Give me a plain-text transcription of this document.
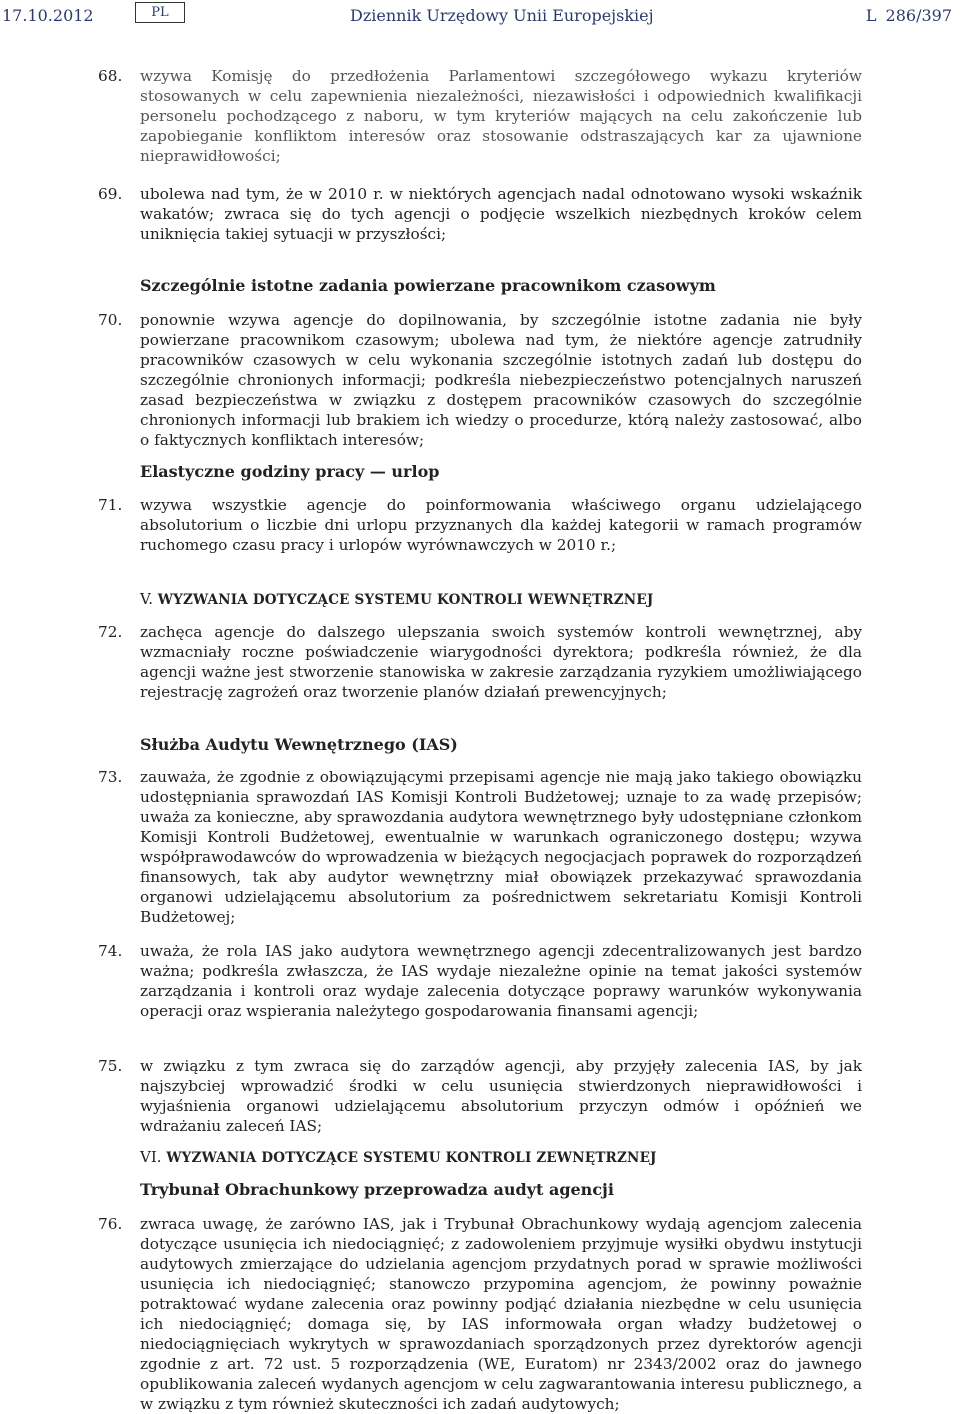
17.10.2012	PL	Dziennik Urzędowy Unii Europejskiej	L 286/397
68.	wzywa Komisję do przedłożenia Parlamentowi szczegółowego wykazu kryteriów stosowanych w celu zapewnienia niezależności, niezawisłości i odpowiednich kwalifikacji personelu pochodzącego z naboru, w tym kryteriów mających na celu zakończenie lub zapobieganie konfliktom interesów oraz stosowanie odstraszających kar za ujawnione nieprawidłowości;
69.	ubolewa nad tym, że w 2010 r. w niektórych agencjach nadal odnotowano wysoki wskaźnik wakatów; zwraca się do tych agencji o podjęcie wszelkich niezbędnych kroków celem uniknięcia takiej sytuacji w przyszłości;
Szczególnie istotne zadania powierzane pracownikom czasowym
70.	ponownie wzywa agencje do dopilnowania, by szczególnie istotne zadania nie były powierzane pracownikom czasowym; ubolewa nad tym, że niektóre agencje zatrudniły pracowników czasowych w celu wykonania szczególnie istotnych zadań lub dostępu do szczególnie chronionych informacji; podkreśla niebezpieczeństwo potencjalnych naruszeń zasad bezpieczeństwa w związku z dostępem pracowników czasowych do szczególnie chronionych informacji lub brakiem ich wiedzy o procedurze, którą należy zastosować, albo o faktycznych konfliktach interesów;
Elastyczne godziny pracy — urlop
71.	wzywa wszystkie agencje do poinformowania właściwego organu udzielającego absolutorium o liczbie dni urlopu przyznanych dla każdej kategorii w ramach programów ruchomego czasu pracy i urlopów wyrównawczych w 2010 r.;
V. WYZWANIA DOTYCZĄCE SYSTEMU KONTROLI WEWNĘTRZNEJ
72.	zachęca agencje do dalszego ulepszania swoich systemów kontroli wewnętrznej, aby wzmacniały roczne poświadczenie wiarygodności dyrektora; podkreśla również, że dla agencji ważne jest stworzenie stanowiska w zakresie zarządzania ryzykiem umożliwiającego rejestrację zagrożeń oraz tworzenie planów działań prewencyjnych;
Służba Audytu Wewnętrznego (IAS)
73.	zauważa, że zgodnie z obowiązującymi przepisami agencje nie mają jako takiego obowiązku udostępniania sprawozdań IAS Komisji Kontroli Budżetowej; uznaje to za wadę przepisów; uważa za konieczne, aby sprawozdania audytora wewnętrznego były udostępniane członkom Komisji Kontroli Budżetowej, ewentualnie w warunkach ograniczonego dostępu; wzywa współprawodawców do wprowadzenia w bieżących negocjacjach poprawek do rozporządzeń finansowych, tak aby audytor wewnętrzny miał obowiązek przekazywać sprawozdania organowi udzielającemu absolutorium za pośrednictwem sekretariatu Komisji Kontroli Budżetowej;
74.	uważa, że rola IAS jako audytora wewnętrznego agencji zdecentralizowanych jest bardzo ważna; podkreśla zwłaszcza, że IAS wydaje niezależne opinie na temat jakości systemów zarządzania i kontroli oraz wydaje zalecenia dotyczące poprawy warunków wykonywania operacji oraz wspierania należytego gospodarowania finansami agencji;
75.	w związku z tym zwraca się do zarządów agencji, aby przyjęły zalecenia IAS, by jak najszybciej wprowadzić środki w celu usunięcia stwierdzonych nieprawidłowości i wyjaśnienia organowi udzielającemu absolutorium przyczyn odmów i opóźnień we wdrażaniu zaleceń IAS;
VI. WYZWANIA DOTYCZĄCE SYSTEMU KONTROLI ZEWNĘTRZNEJ
Trybunał Obrachunkowy przeprowadza audyt agencji
76.	zwraca uwagę, że zarówno IAS, jak i Trybunał Obrachunkowy wydają agencjom zalecenia dotyczące usunięcia ich niedociągnięć; z zadowoleniem przyjmuje wysiłki obydwu instytucji audytowych zmierzające do udzielania agencjom przydatnych porad w sprawie możliwości usunięcia ich niedociągnięć; stanowczo przypomina agencjom, że powinny poważnie potraktować wydane zalecenia oraz powinny podjąć działania niezbędne w celu usunięcia ich niedociągnięć; domaga się, by IAS informowała organ władzy budżetowej o niedociągnięciach wykrytych w sprawozdaniach sporządzonych przez dyrektorów agencji zgodnie z art. 72 ust. 5 rozporządzenia (WE, Euratom) nr 2343/2002 oraz do jawnego opublikowania zaleceń wydanych agencjom w celu zagwarantowania interesu publicznego, a w związku z tym również skuteczności ich zadań audytowych;
